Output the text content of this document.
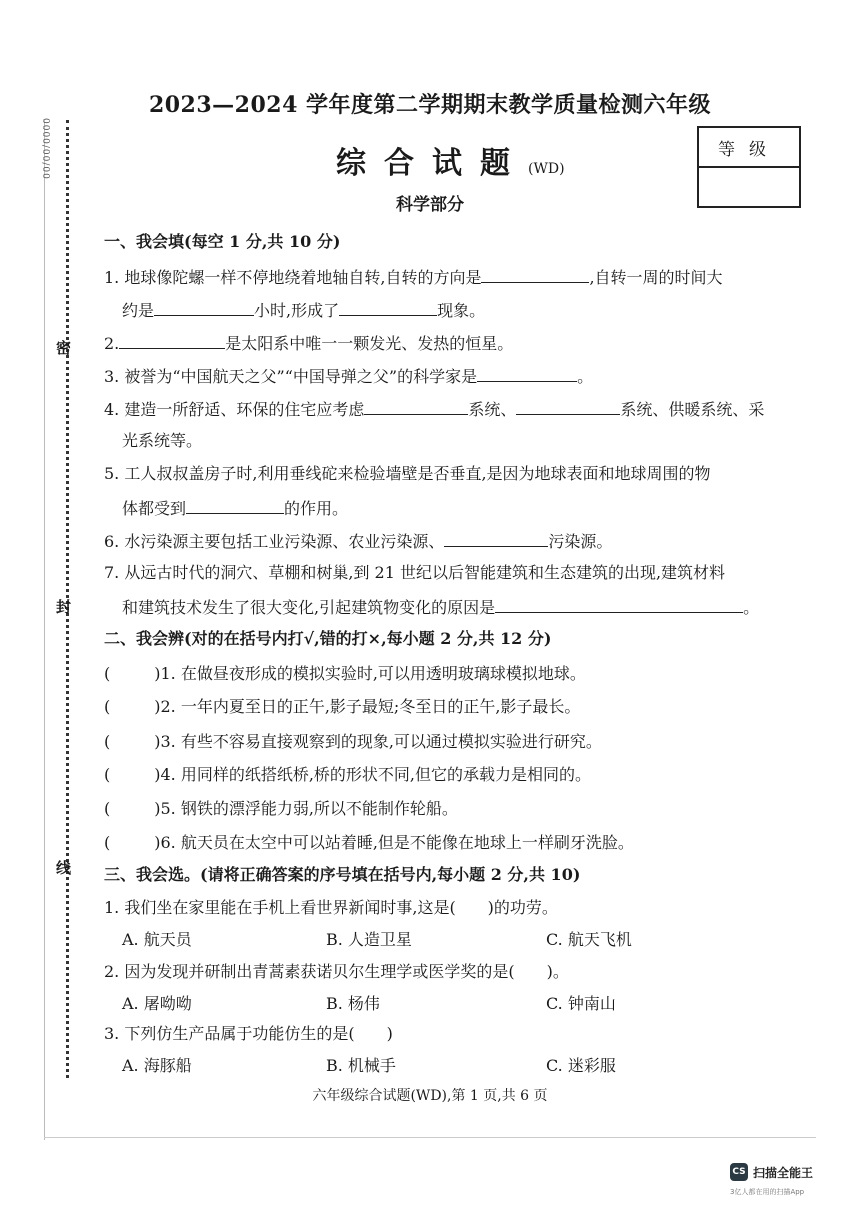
0000/00/00
密
封
线
2023—2024 学年度第二学期期末教学质量检测六年级
综合试题(WD)
科学部分
等级
一、我会填(每空 1 分,共 10 分)
1. 地球像陀螺一样不停地绕着地轴自转,自转的方向是	,自转一周的时间大
约是	小时,形成了	现象。
2.	是太阳系中唯一一颗发光、发热的恒星。
3. 被誉为“中国航天之父”“中国导弹之父”的科学家是	。
4. 建造一所舒适、环保的住宅应考虑	系统、	系统、供暖系统、采
光系统等。
5. 工人叔叔盖房子时,利用垂线砣来检验墙壁是否垂直,是因为地球表面和地球周围的物
体都受到	的作用。
6. 水污染源主要包括工业污染源、农业污染源、	污染源。
7. 从远古时代的洞穴、草棚和树巢,到 21 世纪以后智能建筑和生态建筑的出现,建筑材料
和建筑技术发生了很大变化,引起建筑物变化的原因是	。
二、我会辨(对的在括号内打√,错的打×,每小题 2 分,共 12 分)
(	)1. 在做昼夜形成的模拟实验时,可以用透明玻璃球模拟地球。
(	)2. 一年内夏至日的正午,影子最短;冬至日的正午,影子最长。
(	)3. 有些不容易直接观察到的现象,可以通过模拟实验进行研究。
(	)4. 用同样的纸搭纸桥,桥的形状不同,但它的承载力是相同的。
(	)5. 钢铁的漂浮能力弱,所以不能制作轮船。
(	)6. 航天员在太空中可以站着睡,但是不能像在地球上一样刷牙洗脸。
三、我会选。(请将正确答案的序号填在括号内,每小题 2 分,共 10)
1. 我们坐在家里能在手机上看世界新闻时事,这是(　　)的功劳。
A. 航天员	B. 人造卫星	C. 航天飞机
2. 因为发现并研制出青蒿素获诺贝尔生理学或医学奖的是(　　)。
A. 屠呦呦	B. 杨伟	C. 钟南山
3. 下列仿生产品属于功能仿生的是(　　)
A. 海豚船	B. 机械手	C. 迷彩服
六年级综合试题(WD),第 1 页,共 6 页
CS 扫描全能王
3亿人都在用的扫描App
